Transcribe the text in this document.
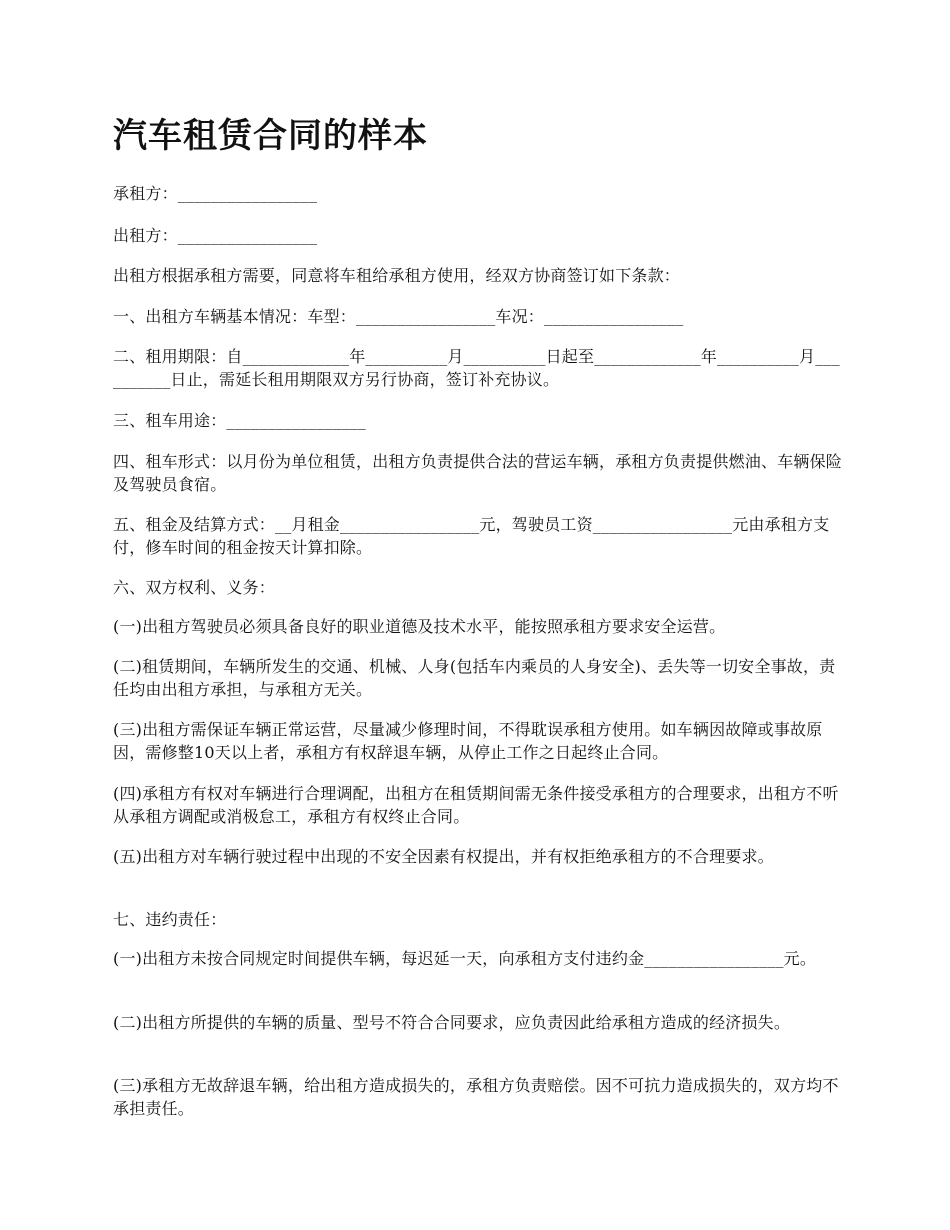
汽车租赁合同的样本

承租方：_________________

出租方：_________________

出租方根据承租方需要，同意将车租给承租方使用，经双方协商签订如下条款：

一、出租方车辆基本情况：车型：_________________车况：_________________

二、租用期限：自_____________年__________月__________日起至_____________年__________月__________日止，需延长租用期限双方另行协商，签订补充协议。

三、租车用途：_________________

四、租车形式：以月份为单位租赁，出租方负责提供合法的营运车辆，承租方负责提供燃油、车辆保险及驾驶员食宿。

五、租金及结算方式：__月租金_________________元，驾驶员工资_________________元由承租方支付，修车时间的租金按天计算扣除。

六、双方权利、义务：

(一)出租方驾驶员必须具备良好的职业道德及技术水平，能按照承租方要求安全运营。

(二)租赁期间，车辆所发生的交通、机械、人身(包括车内乘员的人身安全)、丢失等一切安全事故，责任均由出租方承担，与承租方无关。

(三)出租方需保证车辆正常运营，尽量减少修理时间，不得耽误承租方使用。如车辆因故障或事故原因，需修整10天以上者，承租方有权辞退车辆，从停止工作之日起终止合同。

(四)承租方有权对车辆进行合理调配，出租方在租赁期间需无条件接受承租方的合理要求，出租方不听从承租方调配或消极怠工，承租方有权终止合同。

(五)出租方对车辆行驶过程中出现的不安全因素有权提出，并有权拒绝承租方的不合理要求。

七、违约责任：

(一)出租方未按合同规定时间提供车辆，每迟延一天，向承租方支付违约金_________________元。

(二)出租方所提供的车辆的质量、型号不符合合同要求，应负责因此给承租方造成的经济损失。

(三)承租方无故辞退车辆，给出租方造成损失的，承租方负责赔偿。因不可抗力造成损失的，双方均不承担责任。
